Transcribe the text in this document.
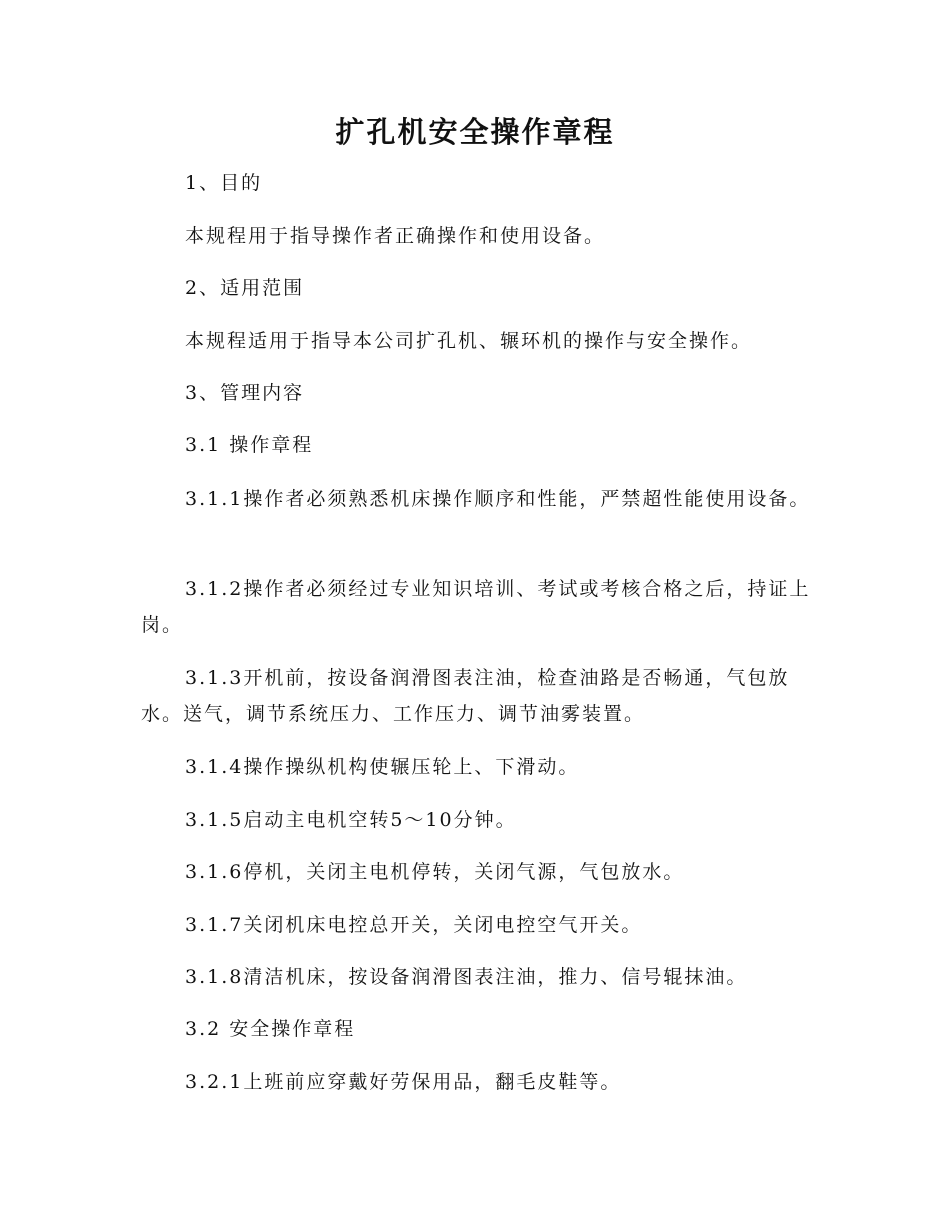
扩孔机安全操作章程

1、目的

本规程用于指导操作者正确操作和使用设备。

2、适用范围

本规程适用于指导本公司扩孔机、辗环机的操作与安全操作。

3、管理内容

3.1 操作章程

3.1.1操作者必须熟悉机床操作顺序和性能，严禁超性能使用设备。

3.1.2操作者必须经过专业知识培训、考试或考核合格之后，持证上岗。

3.1.3开机前，按设备润滑图表注油，检查油路是否畅通，气包放水。送气，调节系统压力、工作压力、调节油雾装置。

3.1.4操作操纵机构使辗压轮上、下滑动。

3.1.5启动主电机空转5～10分钟。

3.1.6停机，关闭主电机停转，关闭气源，气包放水。

3.1.7关闭机床电控总开关，关闭电控空气开关。

3.1.8清洁机床，按设备润滑图表注油，推力、信号辊抹油。

3.2 安全操作章程

3.2.1上班前应穿戴好劳保用品，翻毛皮鞋等。
